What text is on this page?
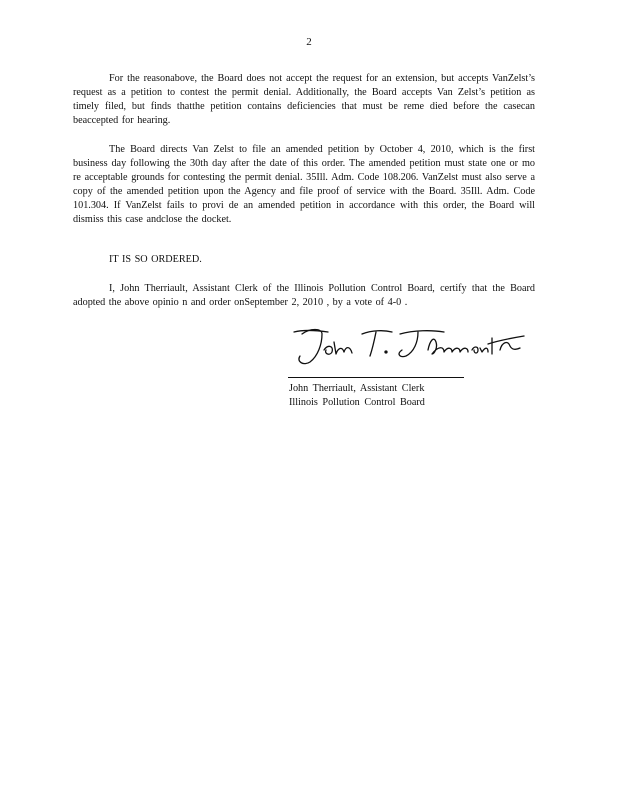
2

For the reasonabove, the Board does not accept the request for an extension, but accepts VanZelst’s request as a petition to contest the permit denial. Additionally, the Board accepts Van Zelst’s petition as timely filed, but finds thatthe petition contains deficiencies that must be reme died before the casecan beaccepted for hearing.

The Board directs Van Zelst to file an amended petition by October 4, 2010, which is the first business day following the 30th day after the date of this order. The amended petition must state one or mo re acceptable grounds for contesting the permit denial. 35Ill. Adm. Code 108.206. VanZelst must also serve a copy of the amended petition upon the Agency and file proof of service with the Board. 35Ill. Adm. Code 101.304. If VanZelst fails to provi de an amended petition in accordance with this order, the Board will dismiss this case andclose the docket.

IT IS SO ORDERED.

I, John Therriault, Assistant Clerk of the Illinois Pollution Control Board, certify that the Board adopted the above opinio n and order onSeptember 2, 2010 , by a vote of 4-0 .

John Therriault, Assistant Clerk
Illinois Pollution Control Board
